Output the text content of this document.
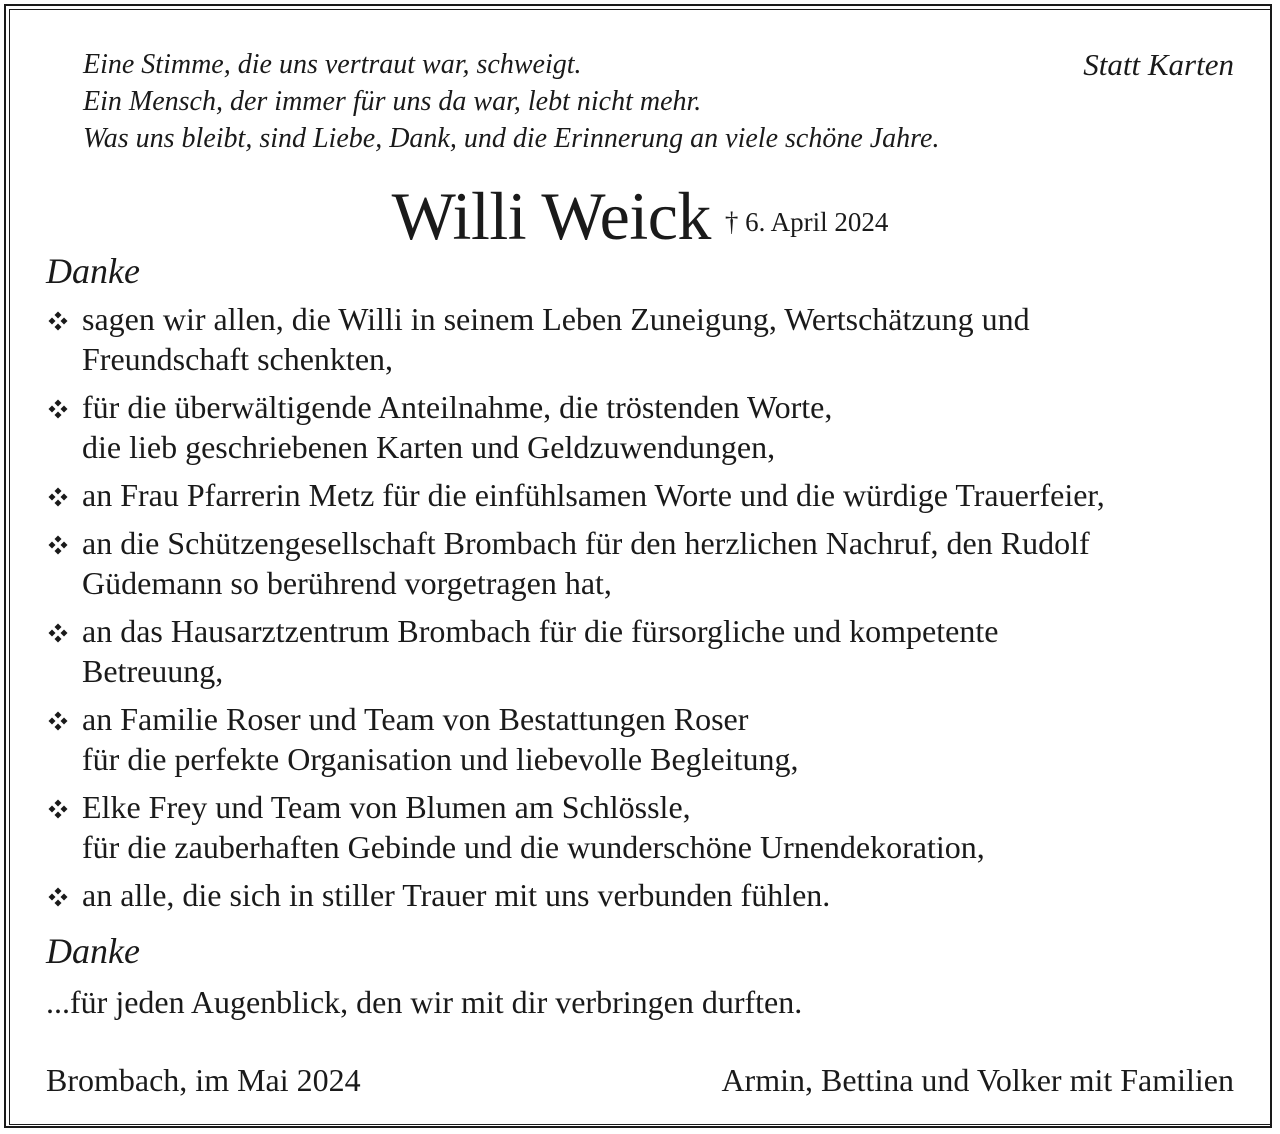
Eine Stimme, die uns vertraut war, schweigt.
Ein Mensch, der immer für uns da war, lebt nicht mehr.
Was uns bleibt, sind Liebe, Dank, und die Erinnerung an viele schöne Jahre.
Statt Karten
Willi Weick † 6. April 2024
Danke
sagen wir allen, die Willi in seinem Leben Zuneigung, Wertschätzung und
Freundschaft schenkten,
für die überwältigende Anteilnahme, die tröstenden Worte,
die lieb geschriebenen Karten und Geldzuwendungen,
an Frau Pfarrerin Metz für die einfühlsamen Worte und die würdige Trauerfeier,
an die Schützengesellschaft Brombach für den herzlichen Nachruf, den Rudolf
Güdemann so berührend vorgetragen hat,
an das Hausarztzentrum Brombach für die fürsorgliche und kompetente
Betreuung,
an Familie Roser und Team von Bestattungen Roser
für die perfekte Organisation und liebevolle Begleitung,
Elke Frey und Team von Blumen am Schlössle,
für die zauberhaften Gebinde und die wunderschöne Urnendekoration,
an alle, die sich in stiller Trauer mit uns verbunden fühlen.
Danke
...für jeden Augenblick, den wir mit dir verbringen durften.
Brombach, im Mai 2024	Armin, Bettina und Volker mit Familien
